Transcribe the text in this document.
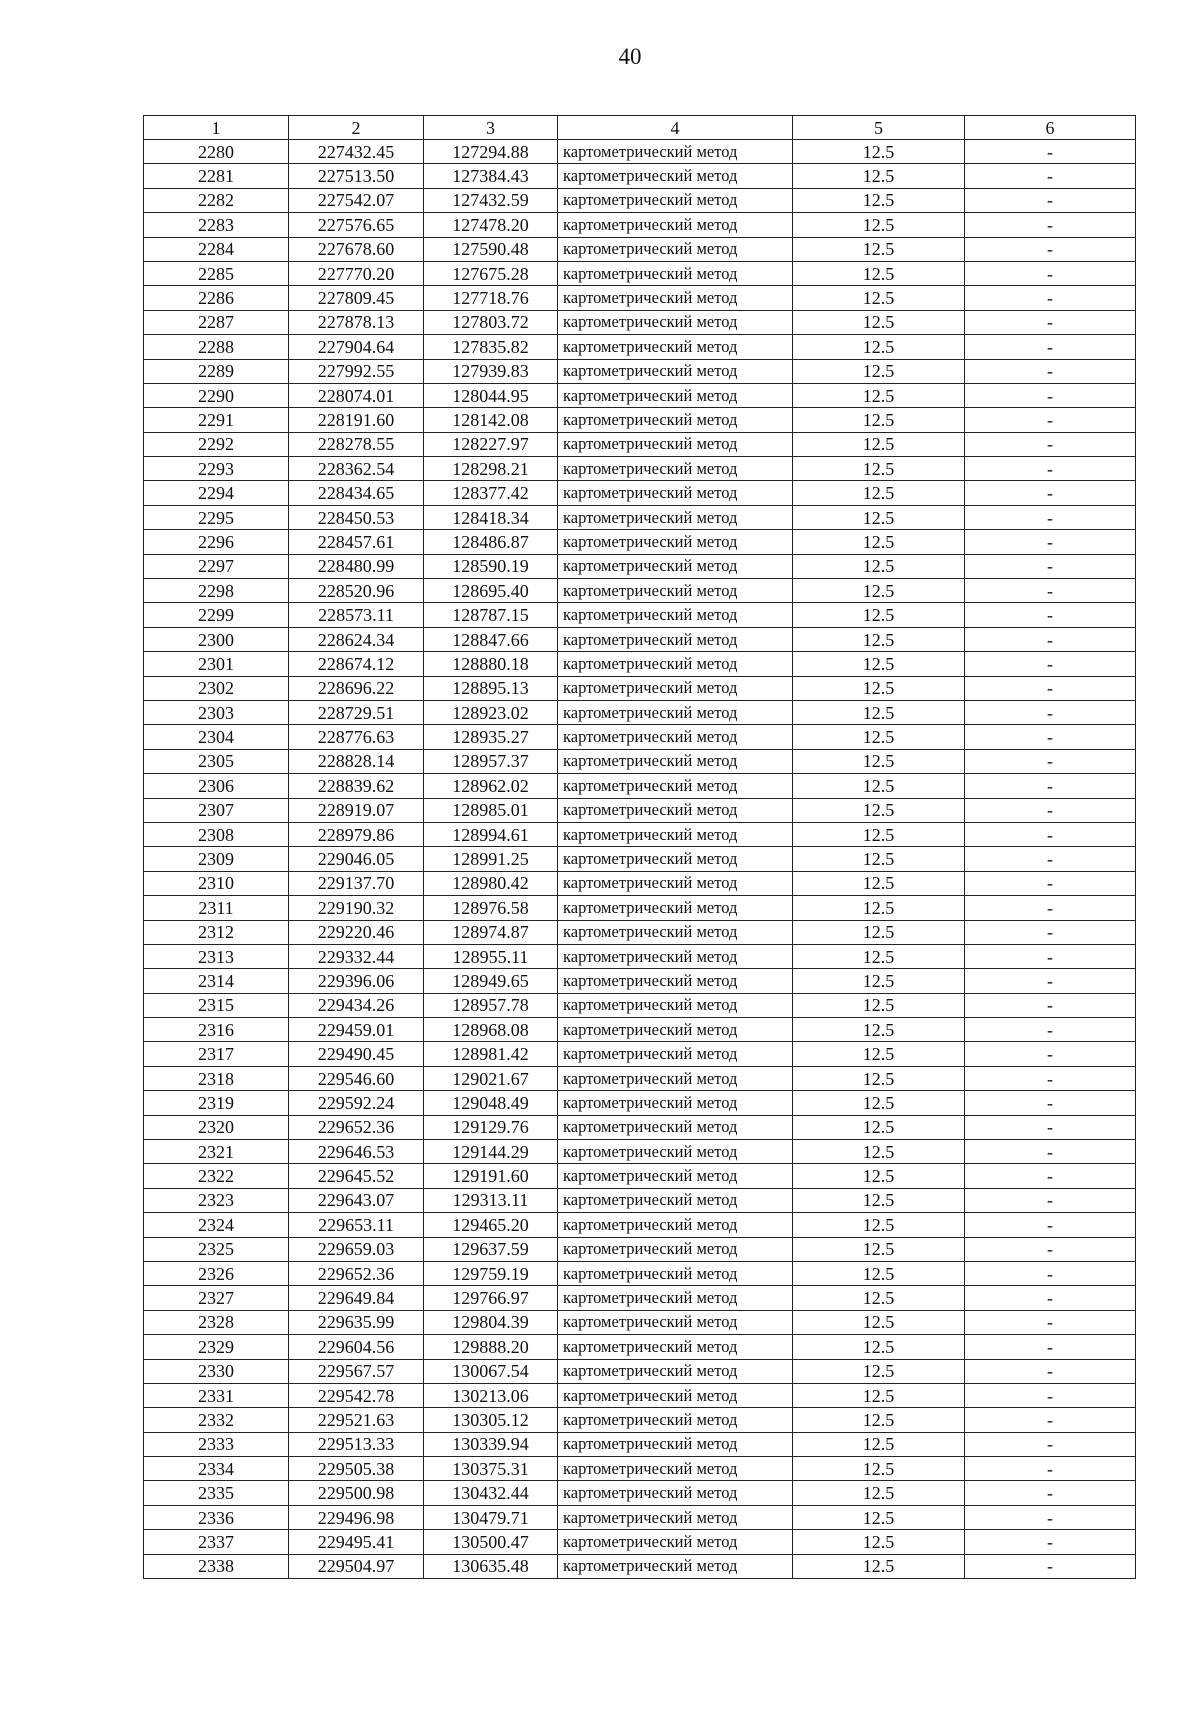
40
1	2	3	4	5	6
2280	227432.45	127294.88	картометрический метод	12.5	-
2281	227513.50	127384.43	картометрический метод	12.5	-
2282	227542.07	127432.59	картометрический метод	12.5	-
2283	227576.65	127478.20	картометрический метод	12.5	-
2284	227678.60	127590.48	картометрический метод	12.5	-
2285	227770.20	127675.28	картометрический метод	12.5	-
2286	227809.45	127718.76	картометрический метод	12.5	-
2287	227878.13	127803.72	картометрический метод	12.5	-
2288	227904.64	127835.82	картометрический метод	12.5	-
2289	227992.55	127939.83	картометрический метод	12.5	-
2290	228074.01	128044.95	картометрический метод	12.5	-
2291	228191.60	128142.08	картометрический метод	12.5	-
2292	228278.55	128227.97	картометрический метод	12.5	-
2293	228362.54	128298.21	картометрический метод	12.5	-
2294	228434.65	128377.42	картометрический метод	12.5	-
2295	228450.53	128418.34	картометрический метод	12.5	-
2296	228457.61	128486.87	картометрический метод	12.5	-
2297	228480.99	128590.19	картометрический метод	12.5	-
2298	228520.96	128695.40	картометрический метод	12.5	-
2299	228573.11	128787.15	картометрический метод	12.5	-
2300	228624.34	128847.66	картометрический метод	12.5	-
2301	228674.12	128880.18	картометрический метод	12.5	-
2302	228696.22	128895.13	картометрический метод	12.5	-
2303	228729.51	128923.02	картометрический метод	12.5	-
2304	228776.63	128935.27	картометрический метод	12.5	-
2305	228828.14	128957.37	картометрический метод	12.5	-
2306	228839.62	128962.02	картометрический метод	12.5	-
2307	228919.07	128985.01	картометрический метод	12.5	-
2308	228979.86	128994.61	картометрический метод	12.5	-
2309	229046.05	128991.25	картометрический метод	12.5	-
2310	229137.70	128980.42	картометрический метод	12.5	-
2311	229190.32	128976.58	картометрический метод	12.5	-
2312	229220.46	128974.87	картометрический метод	12.5	-
2313	229332.44	128955.11	картометрический метод	12.5	-
2314	229396.06	128949.65	картометрический метод	12.5	-
2315	229434.26	128957.78	картометрический метод	12.5	-
2316	229459.01	128968.08	картометрический метод	12.5	-
2317	229490.45	128981.42	картометрический метод	12.5	-
2318	229546.60	129021.67	картометрический метод	12.5	-
2319	229592.24	129048.49	картометрический метод	12.5	-
2320	229652.36	129129.76	картометрический метод	12.5	-
2321	229646.53	129144.29	картометрический метод	12.5	-
2322	229645.52	129191.60	картометрический метод	12.5	-
2323	229643.07	129313.11	картометрический метод	12.5	-
2324	229653.11	129465.20	картометрический метод	12.5	-
2325	229659.03	129637.59	картометрический метод	12.5	-
2326	229652.36	129759.19	картометрический метод	12.5	-
2327	229649.84	129766.97	картометрический метод	12.5	-
2328	229635.99	129804.39	картометрический метод	12.5	-
2329	229604.56	129888.20	картометрический метод	12.5	-
2330	229567.57	130067.54	картометрический метод	12.5	-
2331	229542.78	130213.06	картометрический метод	12.5	-
2332	229521.63	130305.12	картометрический метод	12.5	-
2333	229513.33	130339.94	картометрический метод	12.5	-
2334	229505.38	130375.31	картометрический метод	12.5	-
2335	229500.98	130432.44	картометрический метод	12.5	-
2336	229496.98	130479.71	картометрический метод	12.5	-
2337	229495.41	130500.47	картометрический метод	12.5	-
2338	229504.97	130635.48	картометрический метод	12.5	-
